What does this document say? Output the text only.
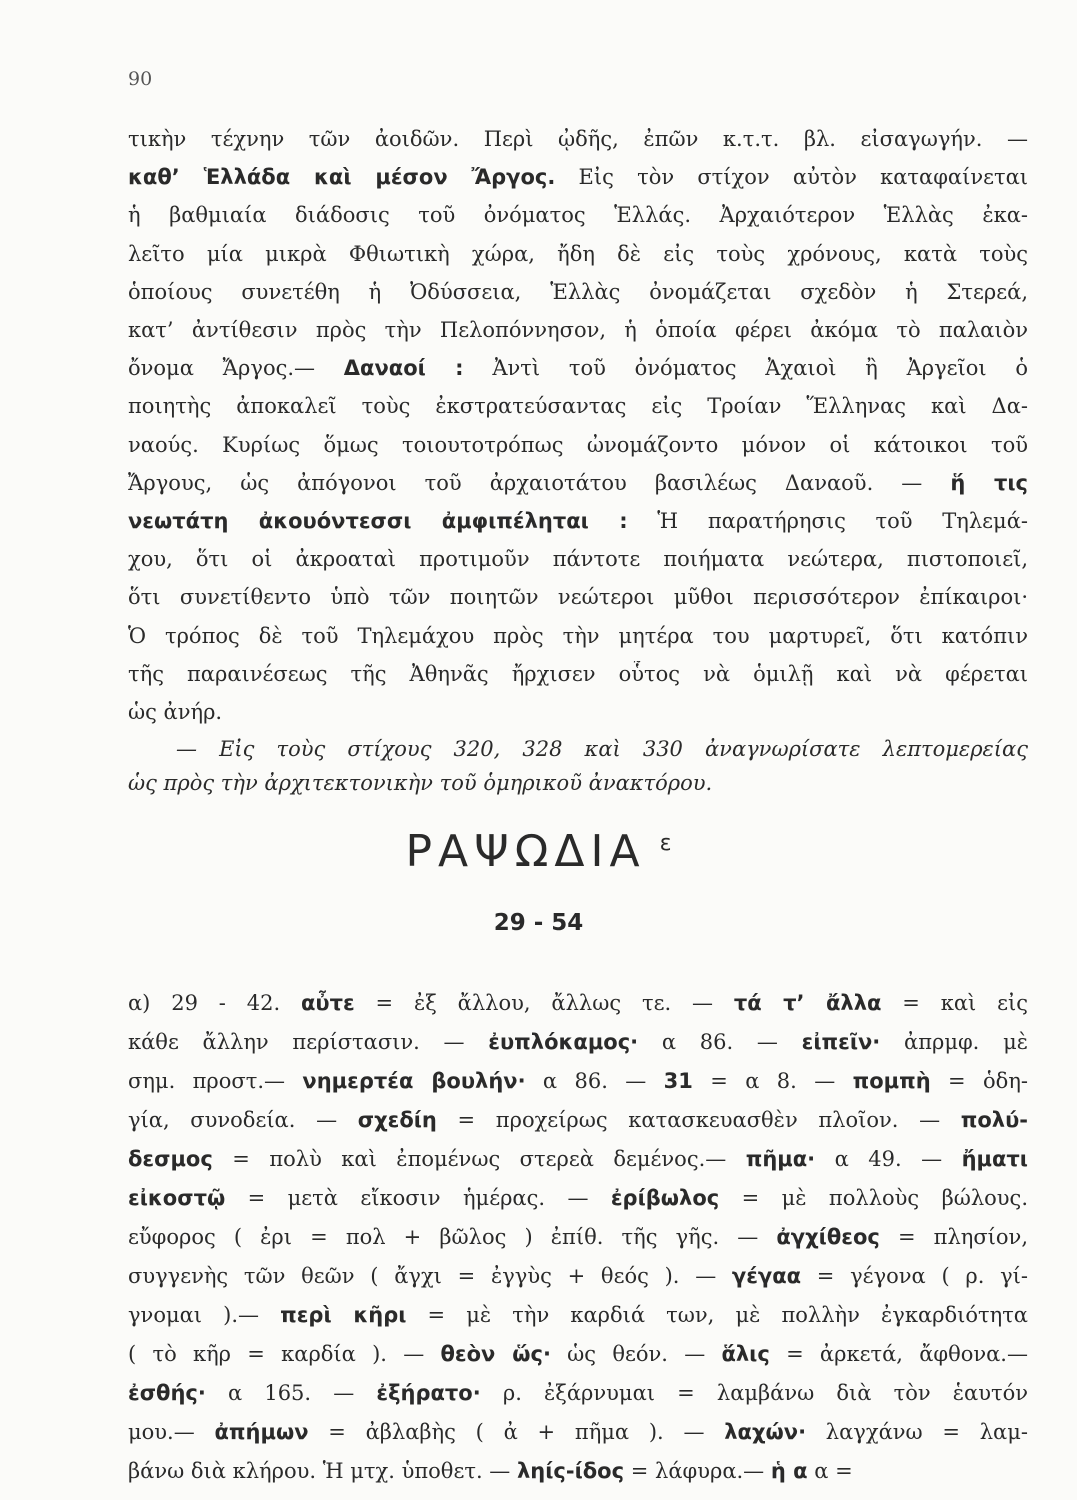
90
τικὴν τέχνην τῶν ἀοιδῶν. Περὶ ᾠδῆς, ἐπῶν κ.τ.τ. βλ. εἰσαγωγήν. —
καθ’ Ἑλλάδα καὶ μέσον Ἄργος. Εἰς τὸν στίχον αὐτὸν καταφαίνεται
ἡ βαθμιαία διάδοσις τοῦ ὀνόματος Ἑλλάς. Ἀρχαιότερον Ἑλλὰς ἐκα-
λεῖτο μία μικρὰ Φθιωτικὴ χώρα, ἤδη δὲ εἰς τοὺς χρόνους, κατὰ τοὺς
ὁποίους συνετέθη ἡ Ὀδύσσεια, Ἑλλὰς ὀνομάζεται σχεδὸν ἡ Στερεά,
κατ’ ἀντίθεσιν πρὸς τὴν Πελοπόννησον, ἡ ὁποία φέρει ἀκόμα τὸ παλαιὸν
ὄνομα Ἄργος.— Δαναοί : Ἀντὶ τοῦ ὀνόματος Ἀχαιοὶ ἢ Ἀργεῖοι ὁ
ποιητὴς ἀποκαλεῖ τοὺς ἐκστρατεύσαντας εἰς Τροίαν Ἕλληνας καὶ Δα-
ναούς. Κυρίως ὅμως τοιουτοτρόπως ὠνομάζοντο μόνον οἱ κάτοικοι τοῦ
Ἄργους, ὡς ἀπόγονοι τοῦ ἀρχαιοτάτου βασιλέως Δαναοῦ. — ἥ τις
νεωτάτη ἀκουόντεσσι ἀμφιπέληται : Ἡ παρατήρησις τοῦ Τηλεμά-
χου, ὅτι οἱ ἀκροαταὶ προτιμοῦν πάντοτε ποιήματα νεώτερα, πιστοποιεῖ,
ὅτι συνετίθεντο ὑπὸ τῶν ποιητῶν νεώτεροι μῦθοι περισσότερον ἐπίκαιροι·
Ὁ τρόπος δὲ τοῦ Τηλεμάχου πρὸς τὴν μητέρα του μαρτυρεῖ, ὅτι κατόπιν
τῆς παραινέσεως τῆς Ἀθηνᾶς ἤρχισεν οὗτος νὰ ὁμιλῇ καὶ νὰ φέρεται
ὡς ἀνήρ.
— Εἰς τοὺς στίχους 320, 328 καὶ 330 ἀναγνωρίσατε λεπτομερείας
ὡς πρὸς τὴν ἀρχιτεκτονικὴν τοῦ ὁμηρικοῦ ἀνακτόρου.
ΡΑΨΩΔΙΑ $^\varepsilon$
29 - 54
α) 29 - 42. αὖτε = ἐξ ἄλλου, ἄλλως τε. — τά τ’ ἄλλα = καὶ εἰς
κάθε ἄλλην περίστασιν. — ἐυπλόκαμος· α 86. — εἰπεῖν· ἀπρμφ. μὲ
σημ. προστ.— νημερτέα βουλήν· α 86. — 31 = α 8. — πομπὴ = ὁδη-
γία, συνοδεία. — σχεδίη = προχείρως κατασκευασθὲν πλοῖον. — πολύ-
δεσμος = πολὺ καὶ ἐπομένως στερεὰ δεμένος.— πῆμα· α 49. — ἤματι
εἰκοστῷ = μετὰ εἴκοσιν ἡμέρας. — ἐρίβωλος = μὲ πολλοὺς βώλους.
εὔφορος ( ἐρι = πολ + βῶλος ) ἐπίθ. τῆς γῆς. — ἀγχίθεος = πλησίον,
συγγενὴς τῶν θεῶν ( ἄγχι = ἐγγὺς + θεός ). — γέγαα = γέγονα ( ρ. γί-
γνομαι ).— περὶ κῆρι = μὲ τὴν καρδιά των, μὲ πολλὴν ἐγκαρδιότητα
( τὸ κῆρ = καρδία ). — θεὸν ὥς· ὡς θεόν. — ἅλις = ἀρκετά, ἄφθονα.—
ἐσθής· α 165. — ἐξήρατο· ρ. ἐξάρνυμαι = λαμβάνω διὰ τὸν ἑαυτόν
μου.— ἀπήμων = ἀβλαβὴς ( ἀ + πῆμα ). — λαχών· λαγχάνω = λαμ-
βάνω διὰ κλήρου. Ἡ μτχ. ὑποθετ. — ληίς-ίδος = λάφυρα.— ἡ α α =
